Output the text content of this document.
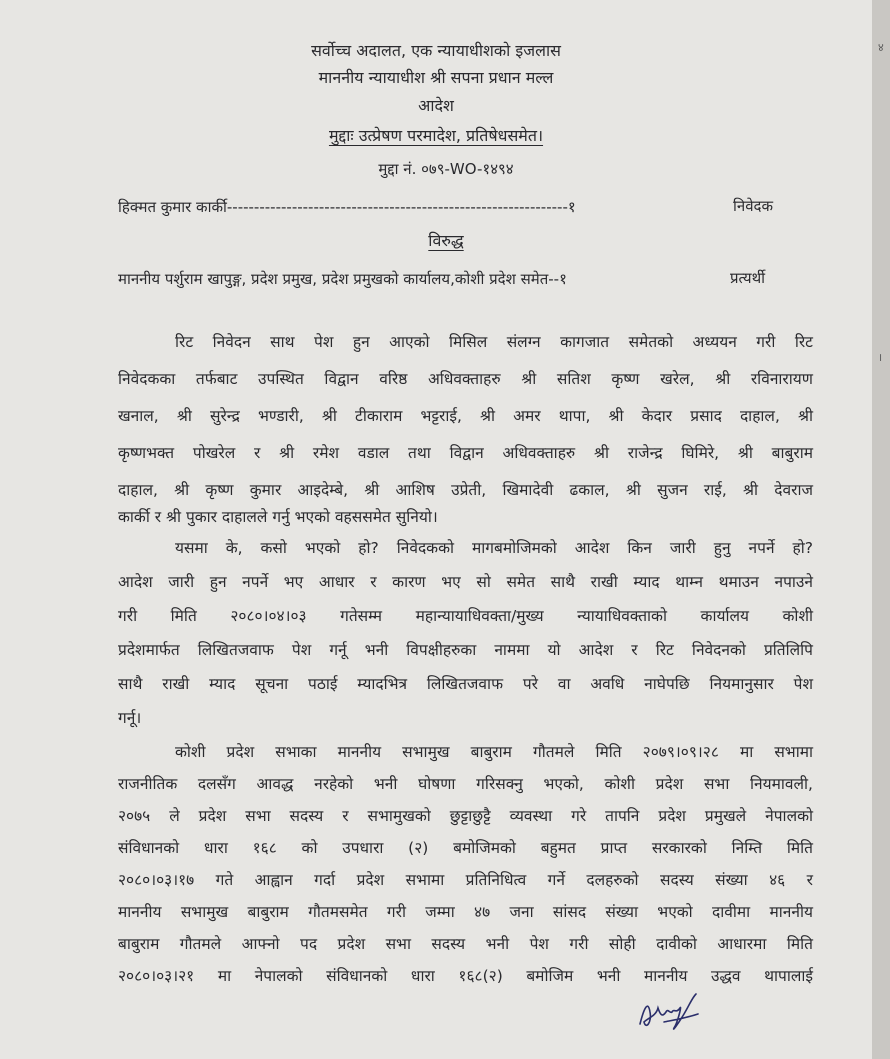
सर्वोच्च अदालत, एक न्यायाधीशको इजलास
माननीय न्यायाधीश श्री सपना प्रधान मल्ल
आदेश
मुद्दाः उत्प्रेषण परमादेश, प्रतिषेधसमेत।
मुद्दा नं. ०७९-WO-१४९४
हिक्मत कुमार कार्की---------------------------------------------------------------१	निवेदक
विरुद्ध
माननीय पर्शुराम खापुङ्ग, प्रदेश प्रमुख, प्रदेश प्रमुखको कार्यालय,कोशी प्रदेश समेत--१	प्रत्यर्थी
रिट निवेदन साथ पेश हुन आएको मिसिल संलग्न कागजात समेतको अध्ययन गरी रिट
निवेदकका तर्फबाट उपस्थित विद्वान वरिष्ठ अधिवक्ताहरु श्री सतिश कृष्ण खरेल, श्री रविनारायण
खनाल, श्री सुरेन्द्र भण्डारी, श्री टीकाराम भट्टराई, श्री अमर थापा, श्री केदार प्रसाद दाहाल, श्री
कृष्णभक्त पोखरेल र श्री रमेश वडाल तथा विद्वान अधिवक्ताहरु श्री राजेन्द्र घिमिरे, श्री बाबुराम
दाहाल, श्री कृष्ण कुमार आइदेम्बे, श्री आशिष उप्रेती, खिमादेवी ढकाल, श्री सुजन राई, श्री देवराज
कार्की र श्री पुकार दाहालले गर्नु भएको वहससमेत सुनियो।
यसमा के, कसो भएको हो? निवेदकको मागबमोजिमको आदेश किन जारी हुनु नपर्ने हो?
आदेश जारी हुन नपर्ने भए आधार र कारण भए सो समेत साथै राखी म्याद थाम्न थमाउन नपाउने
गरी मिति २०८०।०४।०३ गतेसम्म महान्यायाधिवक्ता/मुख्य न्यायाधिवक्ताको कार्यालय कोशी
प्रदेशमार्फत लिखितजवाफ पेश गर्नू भनी विपक्षीहरुका नाममा यो आदेश र रिट निवेदनको प्रतिलिपि
साथै राखी म्याद सूचना पठाई म्यादभित्र लिखितजवाफ परे वा अवधि नाघेपछि नियमानुसार पेश
गर्नू।
कोशी प्रदेश सभाका माननीय सभामुख बाबुराम गौतमले मिति २०७९।०९।२८ मा सभामा
राजनीतिक दलसँग आवद्ध नरहेको भनी घोषणा गरिसक्नु भएको, कोशी प्रदेश सभा नियमावली,
२०७५ ले प्रदेश सभा सदस्य र सभामुखको छुट्टाछुट्टै व्यवस्था गरे तापनि प्रदेश प्रमुखले नेपालको
संविधानको धारा १६८ को उपधारा (२) बमोजिमको बहुमत प्राप्त सरकारको निम्ति मिति
२०८०।०३।१७ गते आह्वान गर्दा प्रदेश सभामा प्रतिनिधित्व गर्ने दलहरुको सदस्य संख्या ४६ र
माननीय सभामुख बाबुराम गौतमसमेत गरी जम्मा ४७ जना सांसद संख्या भएको दावीमा माननीय
बाबुराम गौतमले आफ्नो पद प्रदेश सभा सदस्य भनी पेश गरी सोही दावीको आधारमा मिति
२०८०।०३।२१ मा नेपालको संविधानको धारा १६८(२) बमोजिम भनी माननीय उद्धव थापालाई
४
।
